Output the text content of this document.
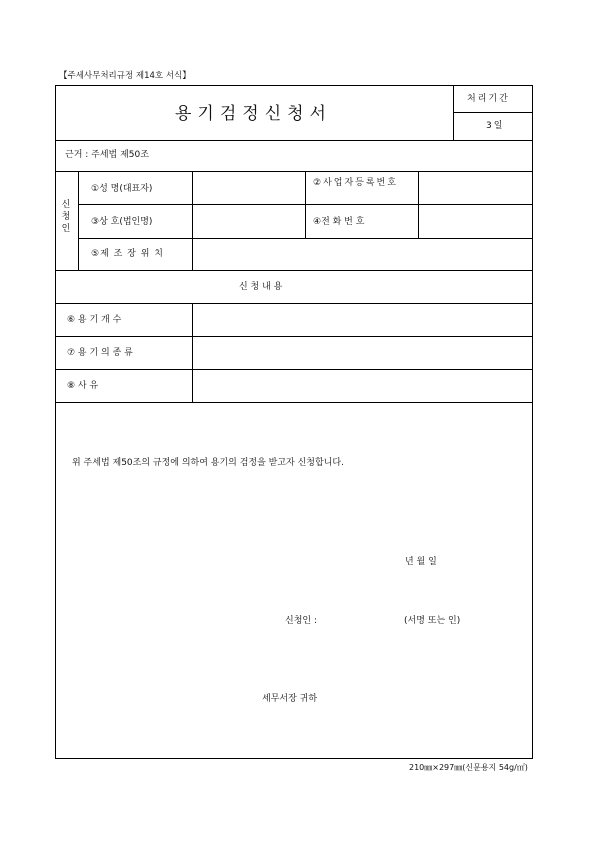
【주세사무처리규정 제14호 서식】
용기검정신청서
처리기간
3일
근거 : 주세법 제50조
신청인
①성 명(대표자)
②사업자등록번호
③상 호(법인명)	④전 화 번 호
⑤제 조 장 위 치
신 청 내 용
⑥ 용 기 개 수
⑦ 용 기 의 종 류
⑧ 사 유
위 주세법 제50조의 규정에 의하여 용기의 검정을 받고자 신청합니다.
년 월 일
신청인 :	(서명 또는 인)
세무서장 귀하
210㎜×297㎜(신문용지 54g/㎡)
